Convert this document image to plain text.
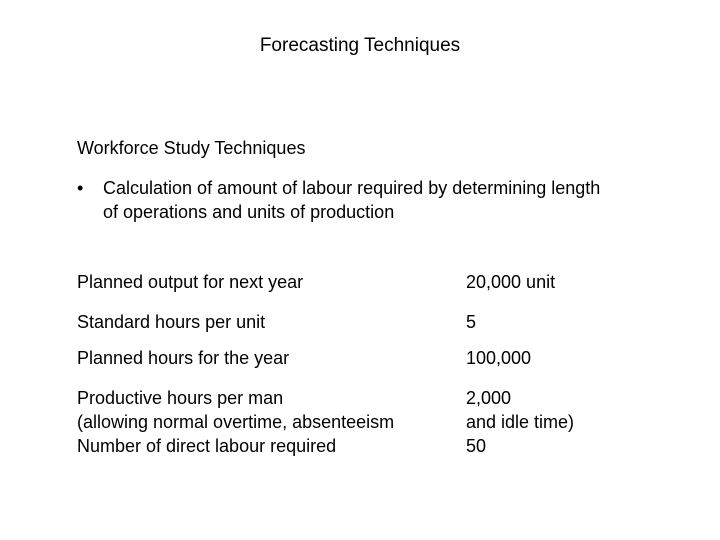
Forecasting Techniques
Workforce Study Techniques
•	Calculation of amount of labour required by determining length of operations and units of production
Planned output for next year	20,000 unit
Standard hours per unit	5
Planned hours for the year	100,000
Productive hours per man	2,000
(allowing normal overtime, absenteeism	and idle time)
Number of direct labour required	50
